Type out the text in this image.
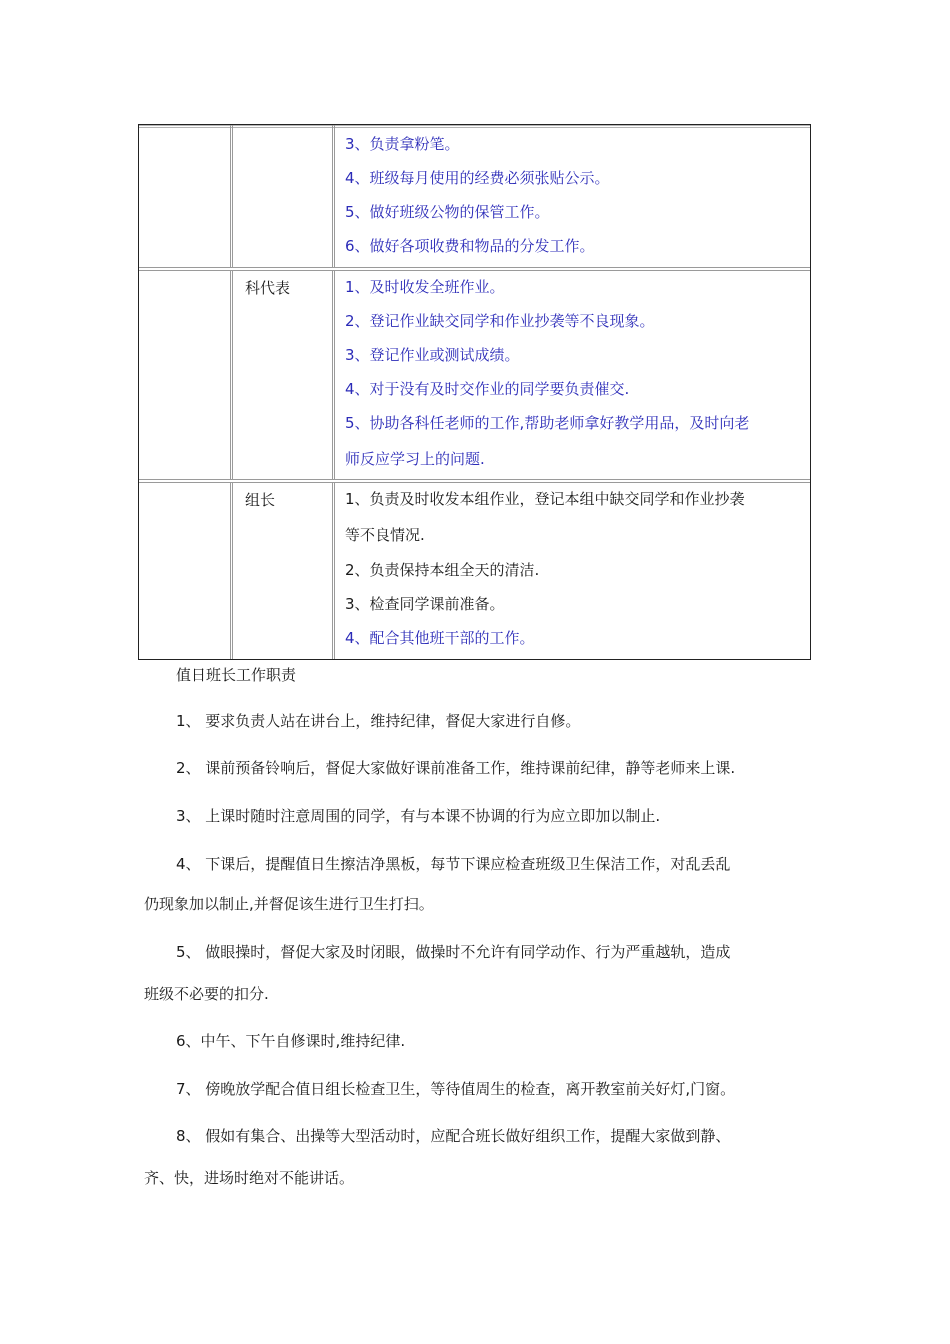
3、负责拿粉笔。
4、班级每月使用的经费必须张贴公示。
5、做好班级公物的保管工作。
6、做好各项收费和物品的分发工作。
科代表	1、及时收发全班作业。
2、登记作业缺交同学和作业抄袭等不良现象。
3、登记作业或测试成绩。
4、对于没有及时交作业的同学要负责催交.
5、协助各科任老师的工作,帮助老师拿好教学用品，及时向老
师反应学习上的问题.
组长	1、负责及时收发本组作业，登记本组中缺交同学和作业抄袭
等不良情况.
2、负责保持本组全天的清洁.
3、检查同学课前准备。
4、配合其他班干部的工作。
值日班长工作职责
1、 要求负责人站在讲台上，维持纪律，督促大家进行自修。
2、 课前预备铃响后，督促大家做好课前准备工作，维持课前纪律，静等老师来上课.
3、 上课时随时注意周围的同学，有与本课不协调的行为应立即加以制止.
4、 下课后，提醒值日生擦洁净黑板，每节下课应检查班级卫生保洁工作，对乱丢乱
仍现象加以制止,并督促该生进行卫生打扫。
5、 做眼操时，督促大家及时闭眼，做操时不允许有同学动作、行为严重越轨，造成
班级不必要的扣分.
6、中午、下午自修课时,维持纪律.
7、 傍晚放学配合值日组长检查卫生，等待值周生的检查，离开教室前关好灯,门窗。
8、 假如有集合、出操等大型活动时，应配合班长做好组织工作，提醒大家做到静、
齐、快，进场时绝对不能讲话。
